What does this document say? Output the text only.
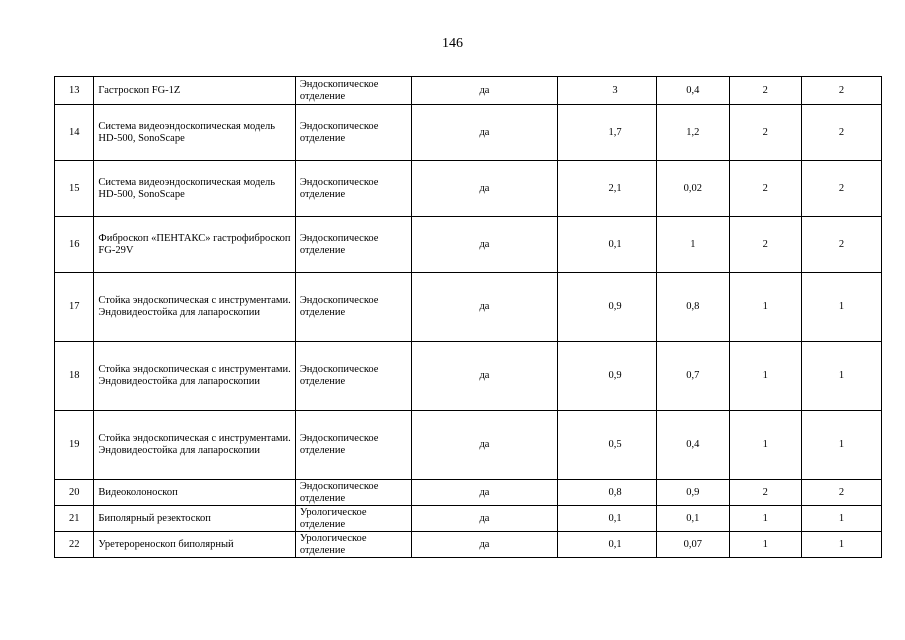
146
13	Гастроскоп FG-1Z	Эндоскопическое отделение	да	3	0,4	2	2
14	Система видеоэндоскопическая модель HD-500, SonoScape	Эндоскопическое отделение	да	1,7	1,2	2	2
15	Система видеоэндоскопическая модель HD-500, SonoScape	Эндоскопическое отделение	да	2,1	0,02	2	2
16	Фиброскоп «ПЕНТАКС» гастрофиброскоп FG-29V	Эндоскопическое отделение	да	0,1	1	2	2
17	Стойка эндоскопическая с инструментами. Эндовидеостойка для лапароскопии	Эндоскопическое отделение	да	0,9	0,8	1	1
18	Стойка эндоскопическая с инструментами. Эндовидеостойка для лапароскопии	Эндоскопическое отделение	да	0,9	0,7	1	1
19	Стойка эндоскопическая с инструментами. Эндовидеостойка для лапароскопии	Эндоскопическое отделение	да	0,5	0,4	1	1
20	Видеоколоноскоп	Эндоскопическое отделение	да	0,8	0,9	2	2
21	Биполярный резектоскоп	Урологическое отделение	да	0,1	0,1	1	1
22	Уретерореноскоп биполярный	Урологическое отделение	да	0,1	0,07	1	1
